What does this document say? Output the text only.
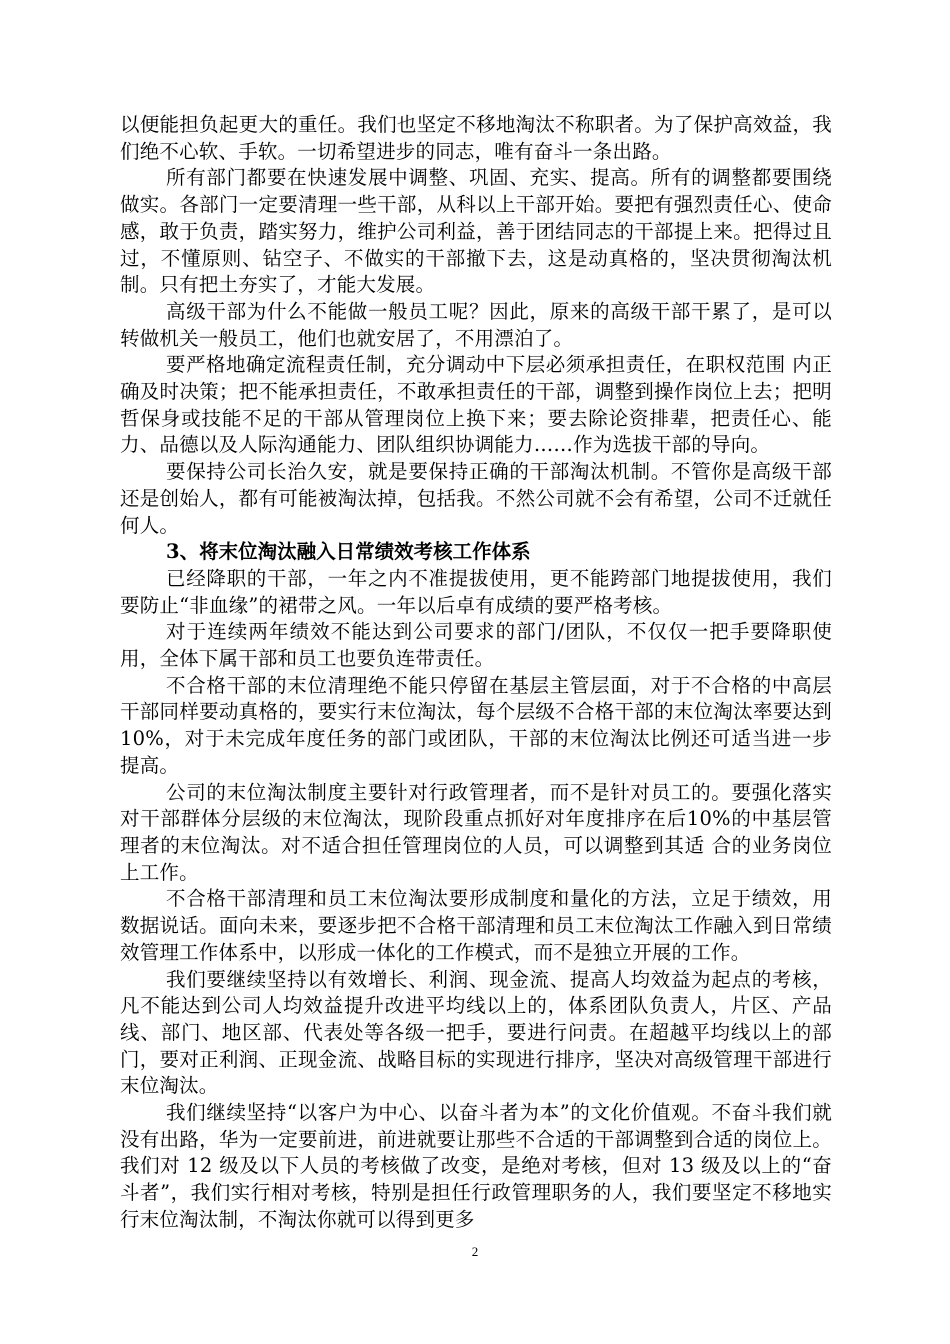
以便能担负起更大的重任。我们也坚定不移地淘汰不称职者。为了保护高效益，我们绝不心软、手软。一切希望进步的同志，唯有奋斗一条出路。

所有部门都要在快速发展中调整、巩固、充实、提高。所有的调整都要围绕做实。各部门一定要清理一些干部，从科以上干部开始。要把有强烈责任心、使命感，敢于负责，踏实努力，维护公司利益，善于团结同志的干部提上来。把得过且过，不懂原则、钻空子、不做实的干部撤下去，这是动真格的，坚决贯彻淘汰机制。只有把土夯实了，才能大发展。

高级干部为什么不能做一般员工呢？因此，原来的高级干部干累了，是可以转做机关一般员工，他们也就安居了，不用漂泊了。

要严格地确定流程责任制，充分调动中下层必须承担责任，在职权范围 内正确及时决策；把不能承担责任，不敢承担责任的干部，调整到操作岗位上去；把明哲保身或技能不足的干部从管理岗位上换下来；要去除论资排辈，把责任心、能力、品德以及人际沟通能力、团队组织协调能力……作为选拔干部的导向。

要保持公司长治久安，就是要保持正确的干部淘汰机制。不管你是高级干部还是创始人，都有可能被淘汰掉，包括我。不然公司就不会有希望，公司不迁就任何人。

3、将末位淘汰融入日常绩效考核工作体系

已经降职的干部，一年之内不准提拔使用，更不能跨部门地提拔使用，我们要防止“非血缘”的裙带之风。一年以后卓有成绩的要严格考核。

对于连续两年绩效不能达到公司要求的部门/团队，不仅仅一把手要降职使用，全体下属干部和员工也要负连带责任。

不合格干部的末位清理绝不能只停留在基层主管层面，对于不合格的中高层干部同样要动真格的，要实行末位淘汰，每个层级不合格干部的末位淘汰率要达到 10%，对于未完成年度任务的部门或团队，干部的末位淘汰比例还可适当进一步提高。

公司的末位淘汰制度主要针对行政管理者，而不是针对员工的。要强化落实对干部群体分层级的末位淘汰，现阶段重点抓好对年度排序在后10%的中基层管理者的末位淘汰。对不适合担任管理岗位的人员，可以调整到其适 合的业务岗位上工作。

不合格干部清理和员工末位淘汰要形成制度和量化的方法，立足于绩效，用数据说话。面向未来，要逐步把不合格干部清理和员工末位淘汰工作融入到日常绩效管理工作体系中，以形成一体化的工作模式，而不是独立开展的工作。

我们要继续坚持以有效增长、利润、现金流、提高人均效益为起点的考核，凡不能达到公司人均效益提升改进平均线以上的，体系团队负责人，片区、产品线、部门、地区部、代表处等各级一把手，要进行问责。在超越平均线以上的部门，要对正利润、正现金流、战略目标的实现进行排序，坚决对高级管理干部进行末位淘汰。

我们继续坚持“以客户为中心、以奋斗者为本”的文化价值观。不奋斗我们就没有出路，华为一定要前进，前进就要让那些不合适的干部调整到合适的岗位上。我们对 12 级及以下人员的考核做了改变，是绝对考核，但对 13 级及以上的“奋斗者”，我们实行相对考核，特别是担任行政管理职务的人，我们要坚定不移地实行末位淘汰制，不淘汰你就可以得到更多

2
